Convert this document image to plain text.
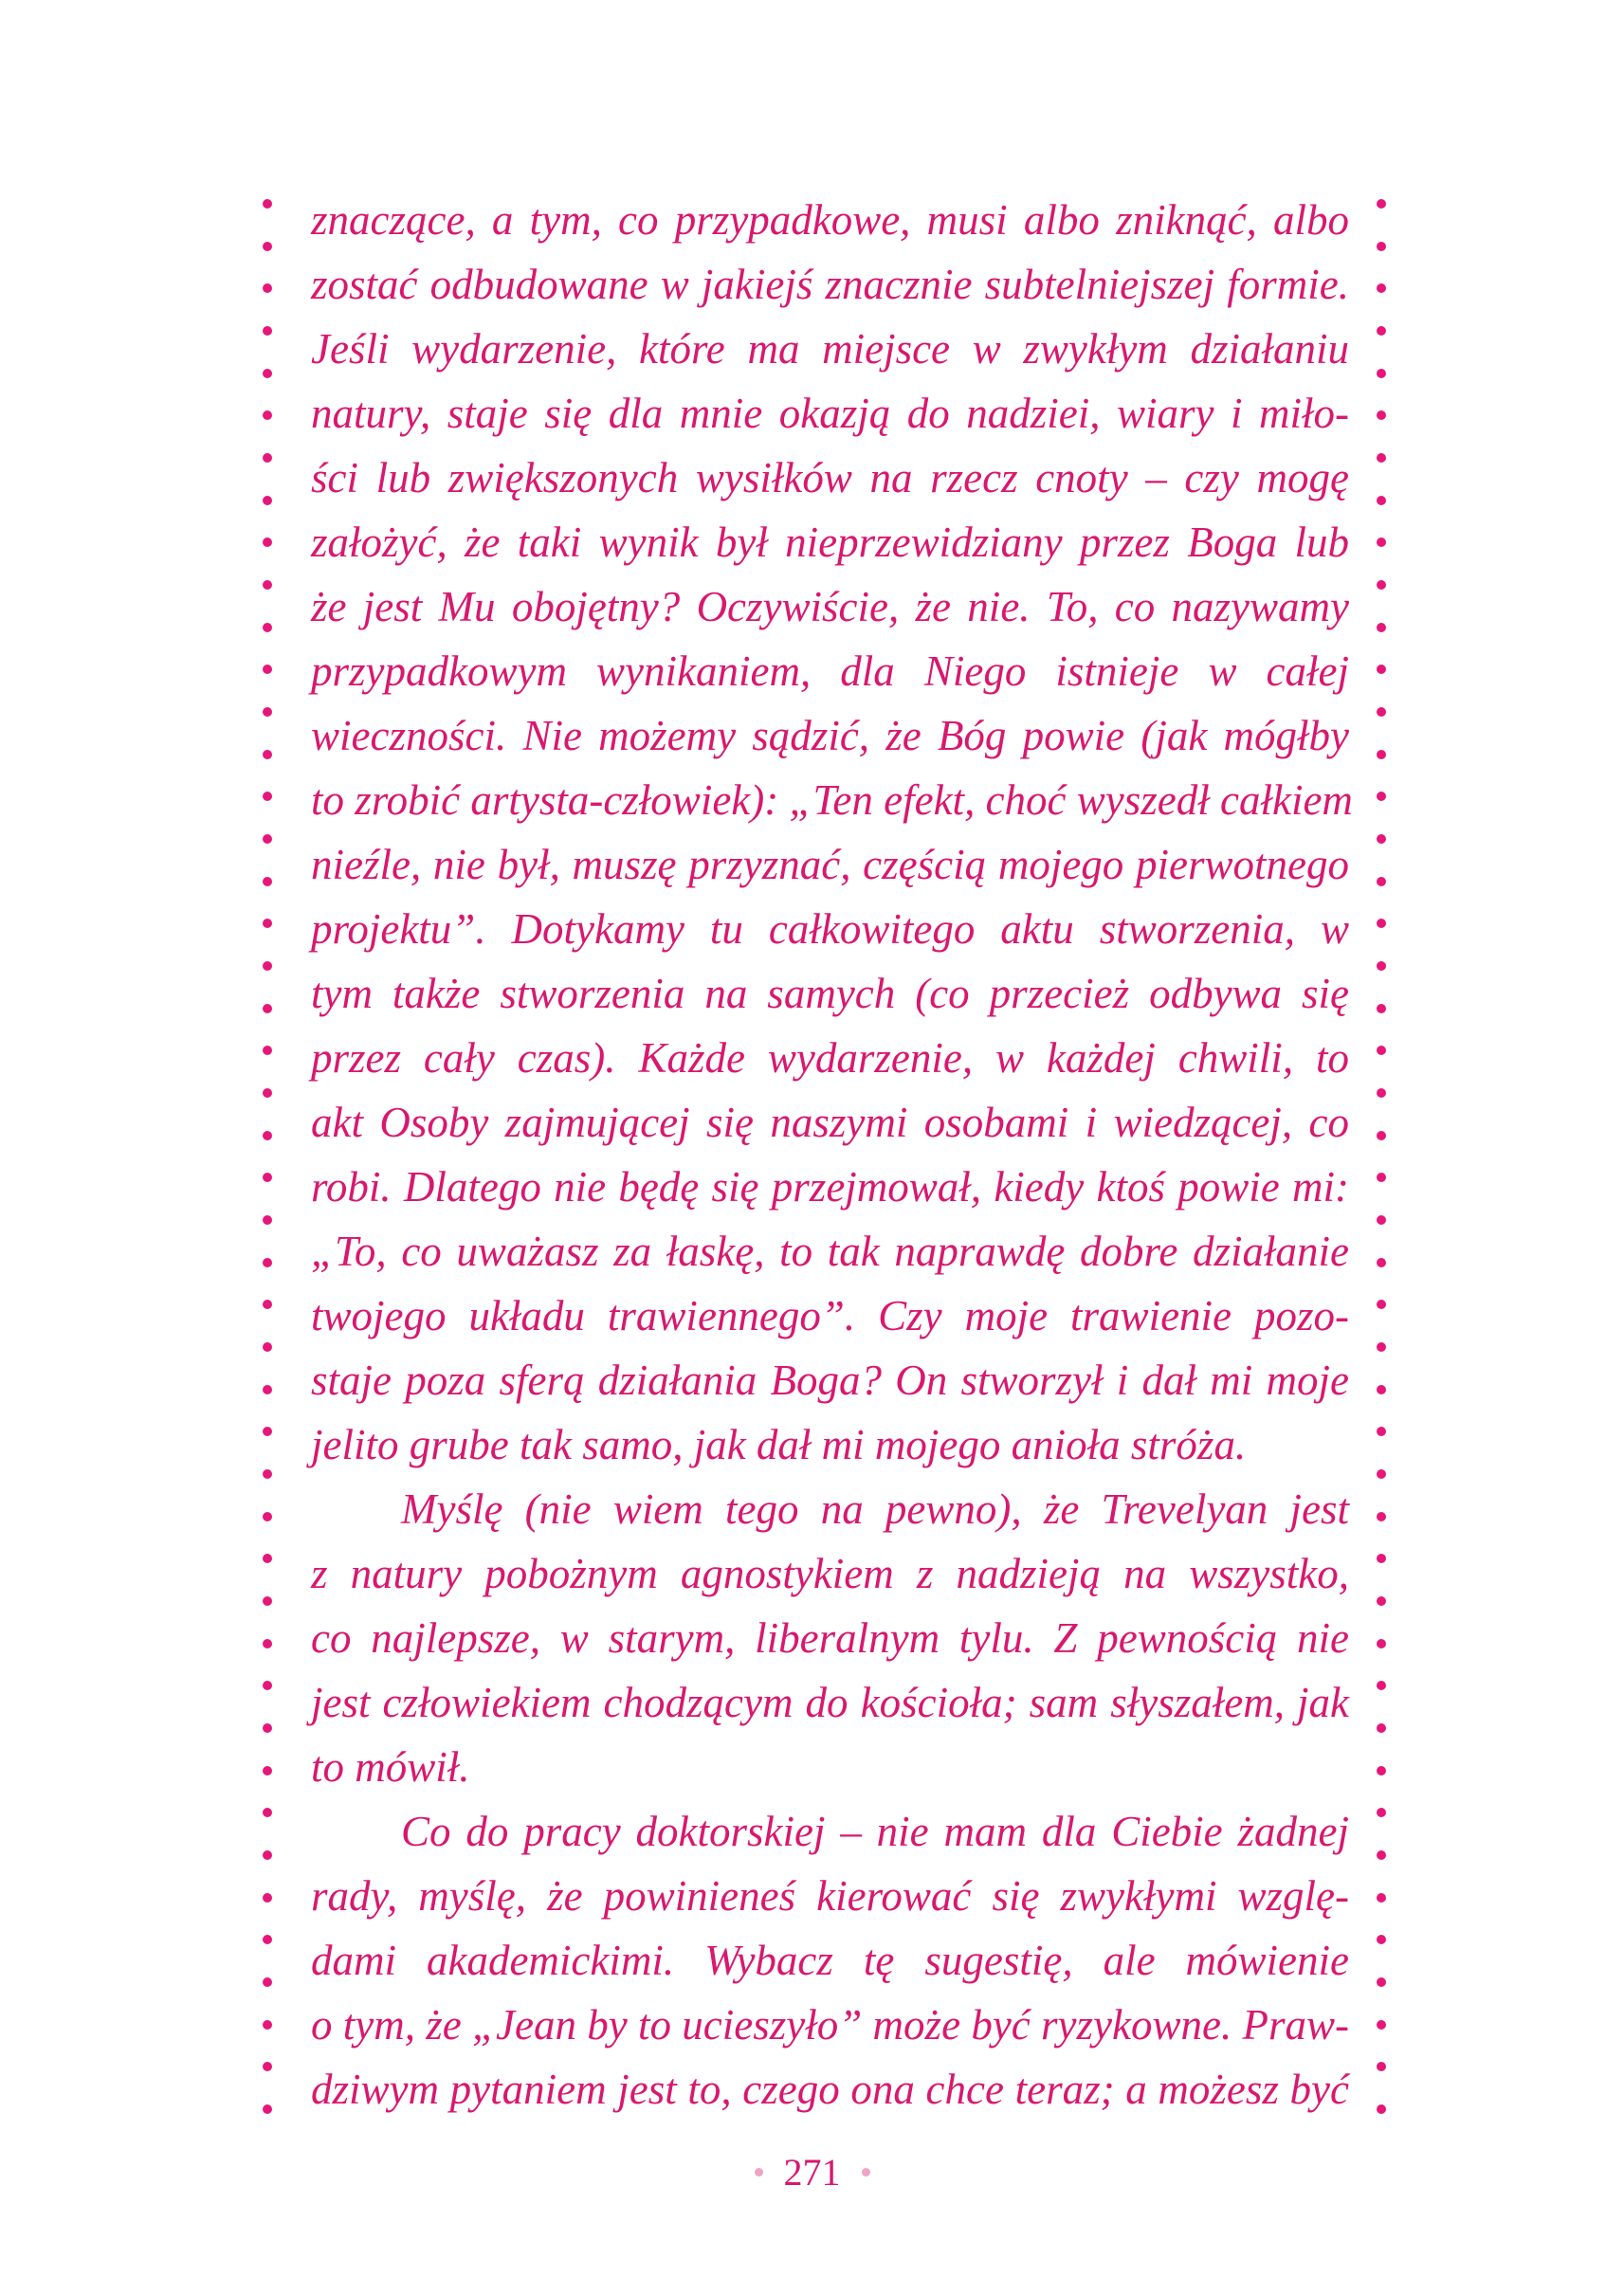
znaczące, a tym, co przypadkowe, musi albo zniknąć, albo
zostać odbudowane w jakiejś znacznie subtelniejszej formie.
Jeśli wydarzenie, które ma miejsce w zwykłym działaniu
natury, staje się dla mnie okazją do nadziei, wiary i miło-
ści lub zwiększonych wysiłków na rzecz cnoty – czy mogę
założyć, że taki wynik był nieprzewidziany przez Boga lub
że jest Mu obojętny? Oczywiście, że nie. To, co nazywamy
przypadkowym wynikaniem, dla Niego istnieje w całej
wieczności. Nie możemy sądzić, że Bóg powie (jak mógłby
to zrobić artysta-człowiek): „Ten efekt, choć wyszedł całkiem
nieźle, nie był, muszę przyznać, częścią mojego pierwotnego
projektu”. Dotykamy tu całkowitego aktu stworzenia, w
tym także stworzenia na samych (co przecież odbywa się
przez cały czas). Każde wydarzenie, w każdej chwili, to
akt Osoby zajmującej się naszymi osobami i wiedzącej, co
robi. Dlatego nie będę się przejmował, kiedy ktoś powie mi:
„To, co uważasz za łaskę, to tak naprawdę dobre działanie
twojego układu trawiennego”. Czy moje trawienie pozo-
staje poza sferą działania Boga? On stworzył i dał mi moje
jelito grube tak samo, jak dał mi mojego anioła stróża.
Myślę (nie wiem tego na pewno), że Trevelyan jest
z natury pobożnym agnostykiem z nadzieją na wszystko,
co najlepsze, w starym, liberalnym tylu. Z pewnością nie
jest człowiekiem chodzącym do kościoła; sam słyszałem, jak
to mówił.
Co do pracy doktorskiej – nie mam dla Ciebie żadnej
rady, myślę, że powinieneś kierować się zwykłymi wzglę-
dami akademickimi. Wybacz tę sugestię, ale mówienie
o tym, że „Jean by to ucieszyło” może być ryzykowne. Praw-
dziwym pytaniem jest to, czego ona chce teraz; a możesz być
271
